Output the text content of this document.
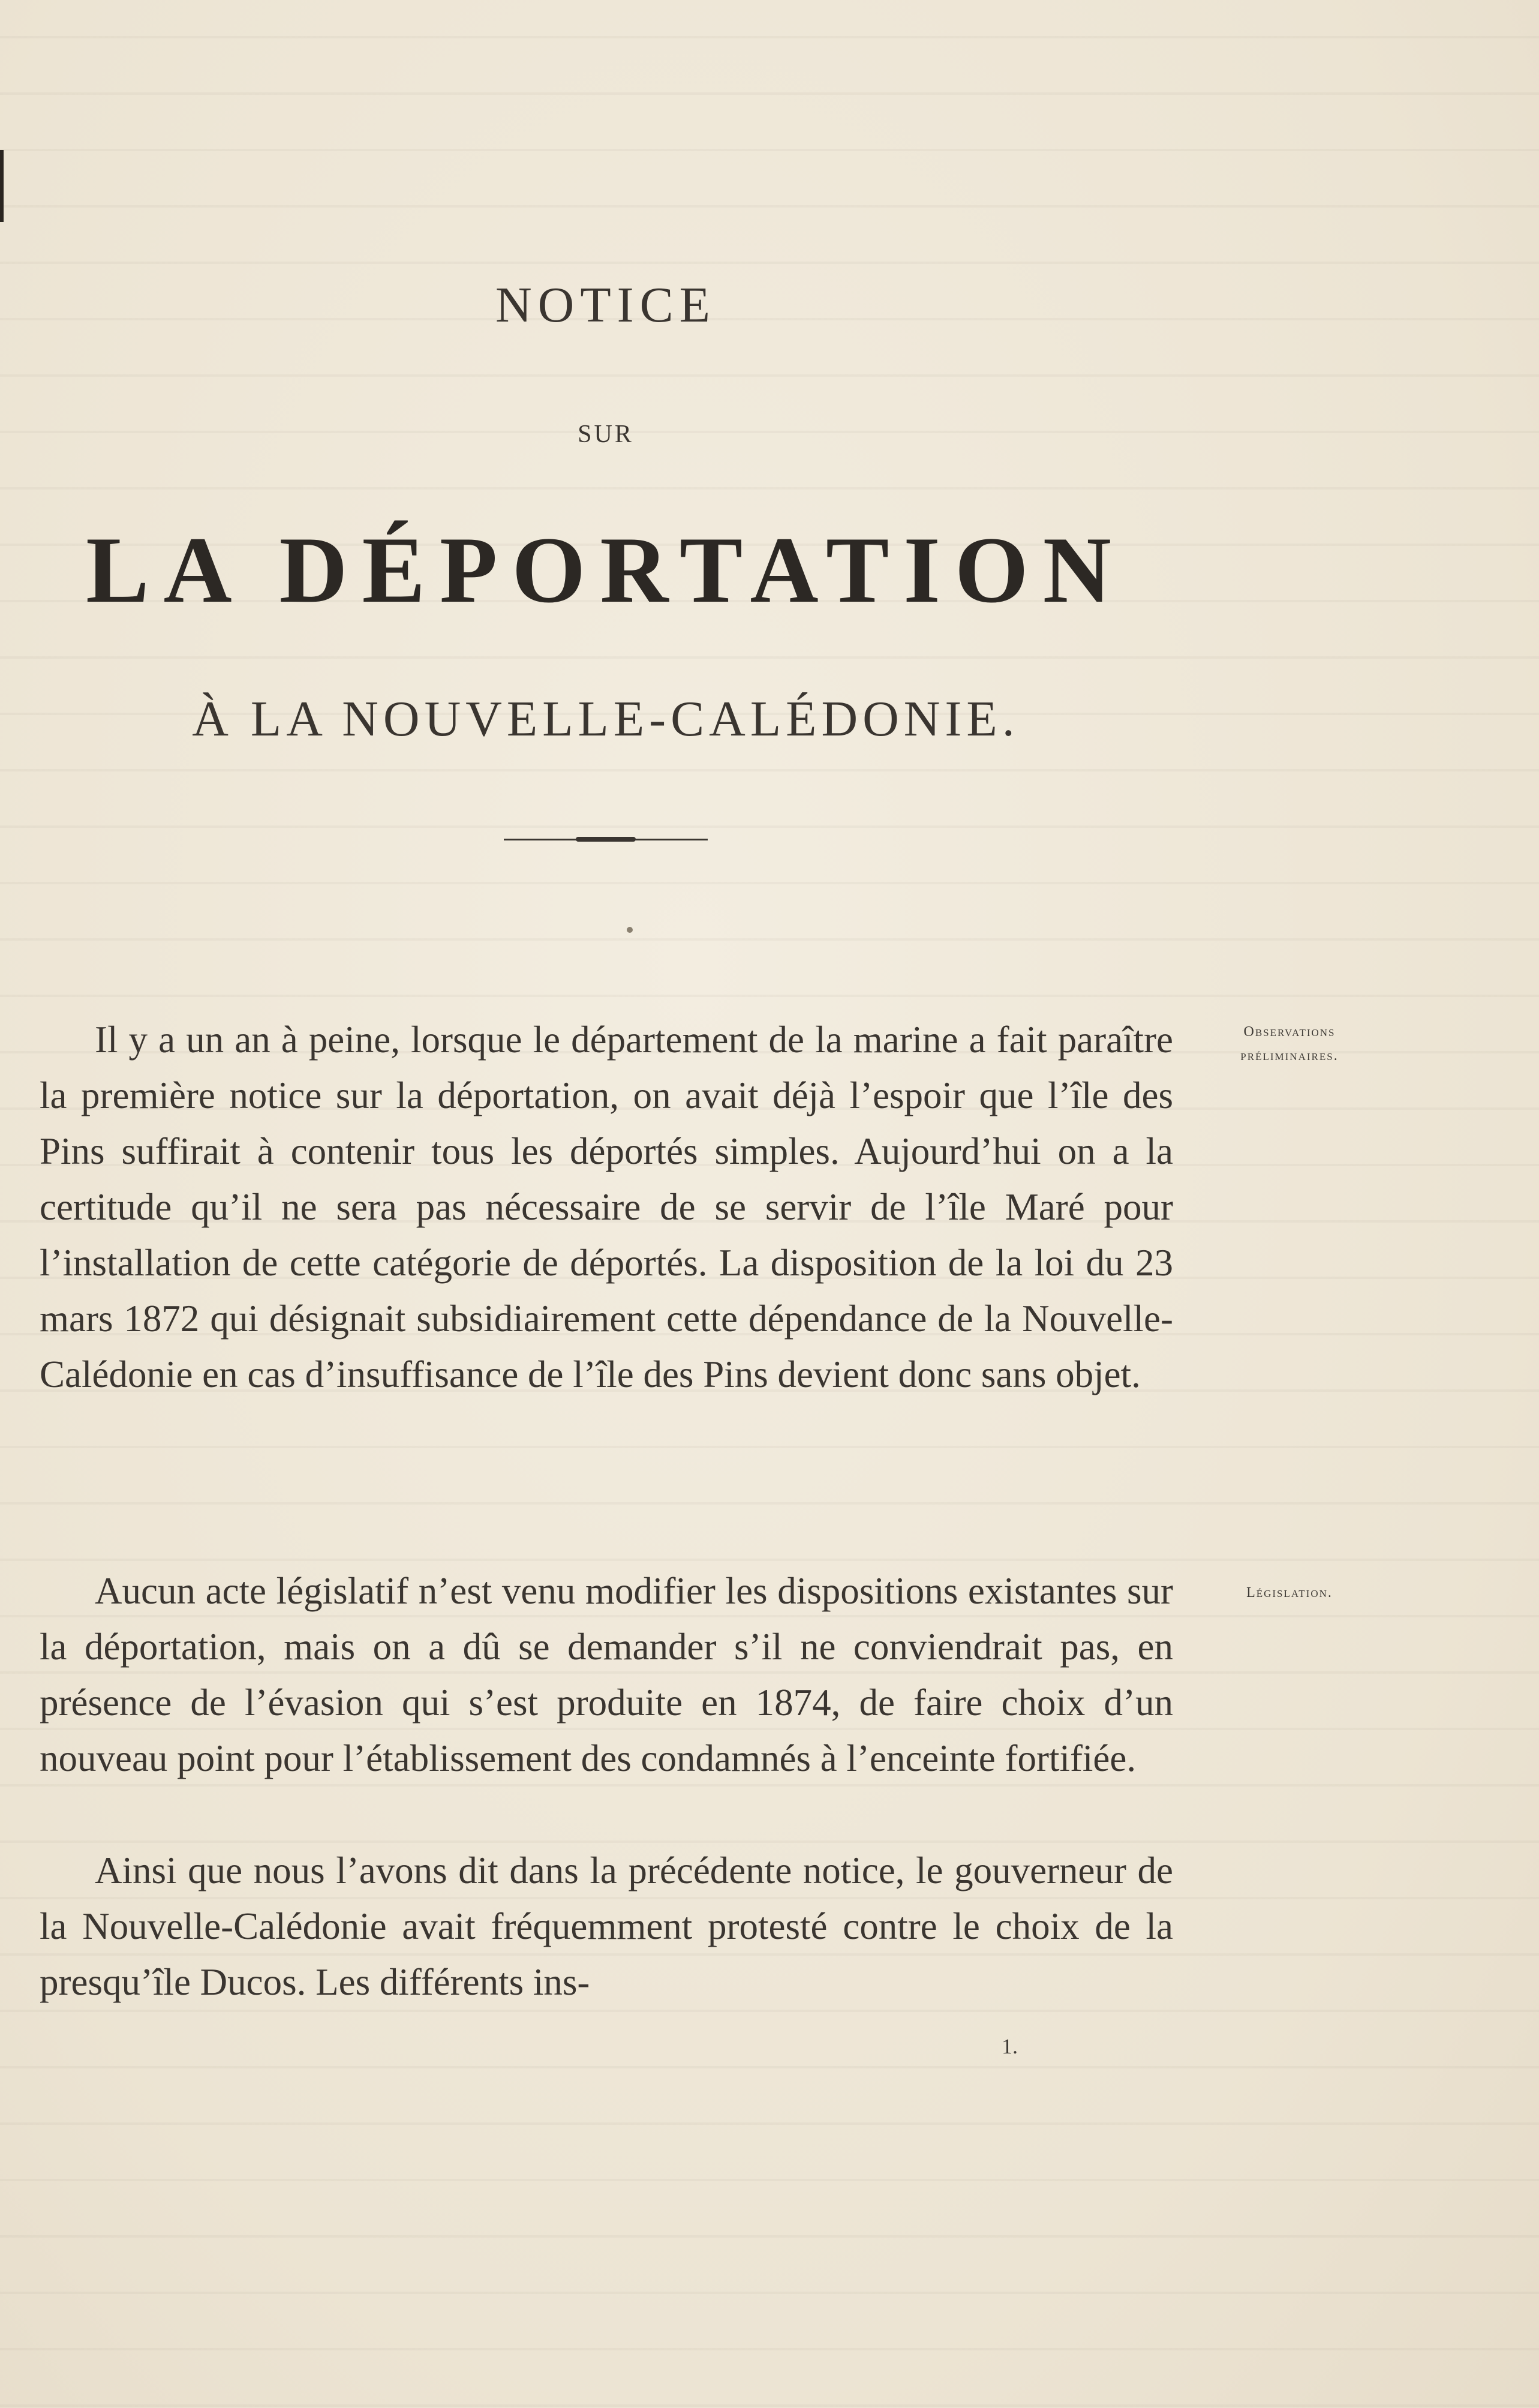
NOTICE
SUR
LA DÉPORTATION
À LA NOUVELLE-CALÉDONIE.

Il y a un an à peine, lorsque le département de la marine a fait paraître la première notice sur la déportation, on avait déjà l’espoir que l’île des Pins suffirait à contenir tous les déportés simples. Aujourd’hui on a la certitude qu’il ne sera pas nécessaire de se servir de l’île Maré pour l’installation de cette catégorie de déportés. La disposition de la loi du 23 mars 1872 qui désignait subsidiairement cette dépendance de la Nouvelle-Calédonie en cas d’insuffisance de l’île des Pins devient donc sans objet.

Aucun acte législatif n’est venu modifier les dispositions existantes sur la déportation, mais on a dû se demander s’il ne conviendrait pas, en présence de l’évasion qui s’est produite en 1874, de faire choix d’un nouveau point pour l’établissement des condamnés à l’enceinte fortifiée.

Ainsi que nous l’avons dit dans la précédente notice, le gouverneur de la Nouvelle-Calédonie avait fréquemment protesté contre le choix de la presqu’île Ducos. Les différents ins-

Observations préliminaires.
Législation.
1.
